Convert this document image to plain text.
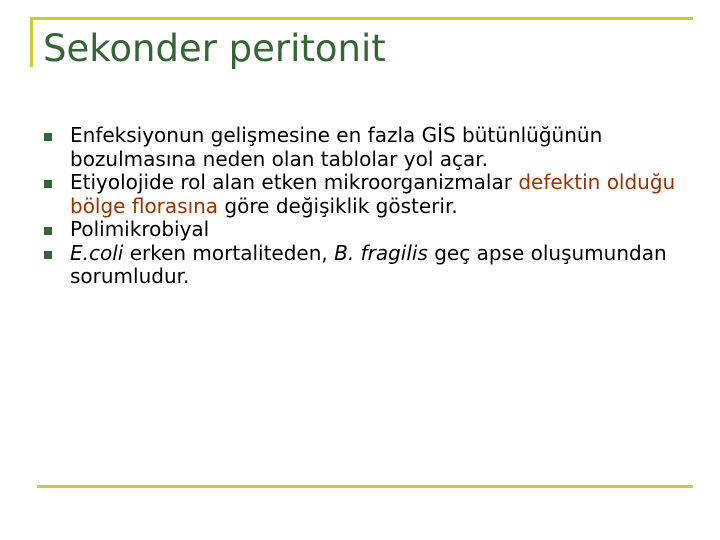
Sekonder peritonit
Enfeksiyonun gelişmesine en fazla GİS bütünlüğünün bozulmasına neden olan tablolar yol açar.
Etiyolojide rol alan etken mikroorganizmalar defektin olduğu bölge florasına göre değişiklik gösterir.
Polimikrobiyal
E.coli erken mortaliteden, B. fragilis geç apse oluşumundan sorumludur.
